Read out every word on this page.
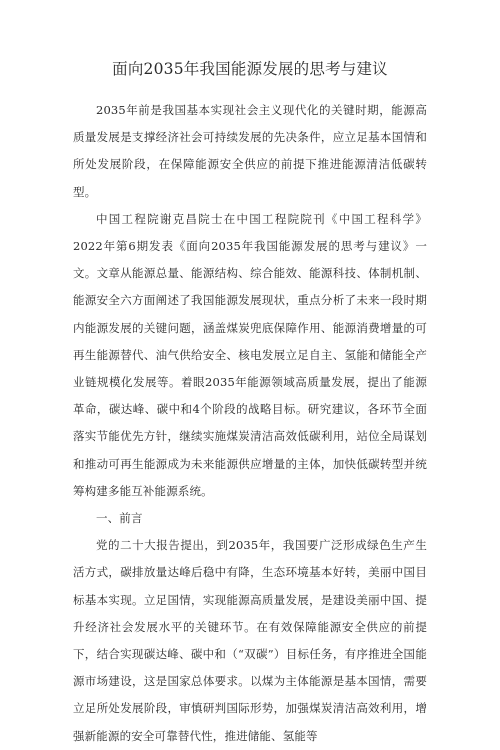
面向2035年我国能源发展的思考与建议

2035年前是我国基本实现社会主义现代化的关键时期，能源高质量发展是支撑经济社会可持续发展的先决条件，应立足基本国情和所处发展阶段，在保障能源安全供应的前提下推进能源清洁低碳转型。

中国工程院谢克昌院士在中国工程院院刊《中国工程科学》2022年第6期发表《面向2035年我国能源发展的思考与建议》一文。文章从能源总量、能源结构、综合能效、能源科技、体制机制、能源安全六方面阐述了我国能源发展现状，重点分析了未来一段时期内能源发展的关键问题，涵盖煤炭兜底保障作用、能源消费增量的可再生能源替代、油气供给安全、核电发展立足自主、氢能和储能全产业链规模化发展等。着眼2035年能源领域高质量发展，提出了能源革命，碳达峰、碳中和4个阶段的战略目标。研究建议，各环节全面落实节能优先方针，继续实施煤炭清洁高效低碳利用，站位全局谋划和推动可再生能源成为未来能源供应增量的主体，加快低碳转型并统筹构建多能互补能源系统。

一、前言

党的二十大报告提出，到2035年，我国要广泛形成绿色生产生活方式，碳排放量达峰后稳中有降，生态环境基本好转，美丽中国目标基本实现。立足国情，实现能源高质量发展，是建设美丽中国、提升经济社会发展水平的关键环节。在有效保障能源安全供应的前提下，结合实现碳达峰、碳中和（“双碳”）目标任务，有序推进全国能源市场建设，这是国家总体要求。以煤为主体能源是基本国情，需要立足所处发展阶段，审慎研判国际形势，加强煤炭清洁高效利用，增强新能源的安全可靠替代性，推进储能、氢能等
